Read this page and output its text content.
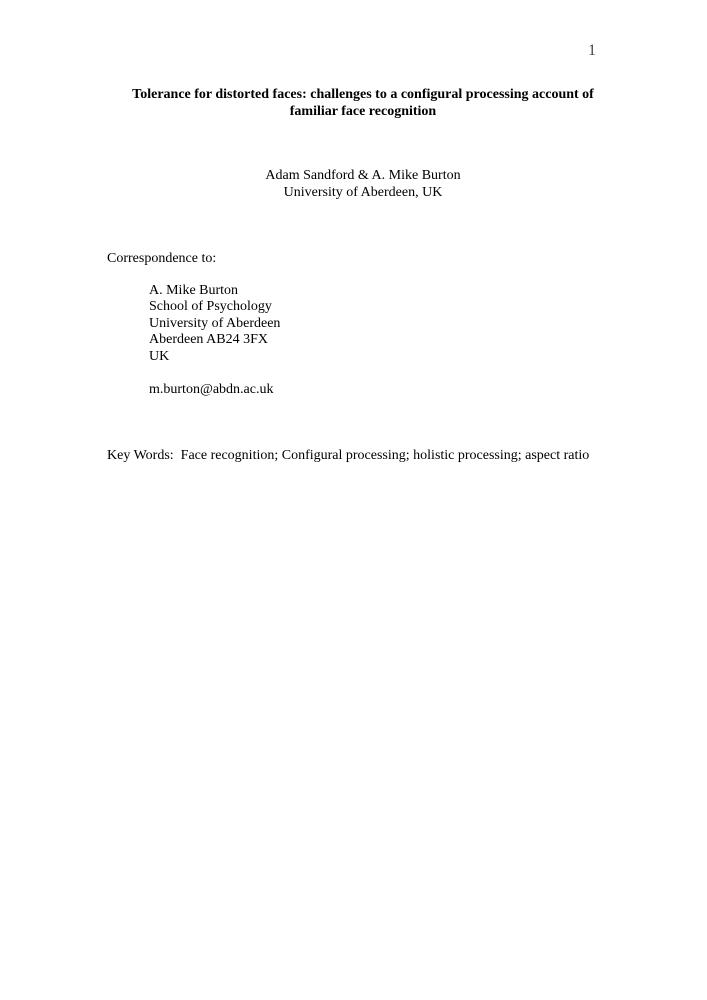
1
Tolerance for distorted faces: challenges to a configural processing account of
familiar face recognition
Adam Sandford & A. Mike Burton
University of Aberdeen, UK
Correspondence to:
A. Mike Burton
School of Psychology
University of Aberdeen
Aberdeen AB24 3FX
UK
m.burton@abdn.ac.uk
Key Words:  Face recognition; Configural processing; holistic processing; aspect ratio
